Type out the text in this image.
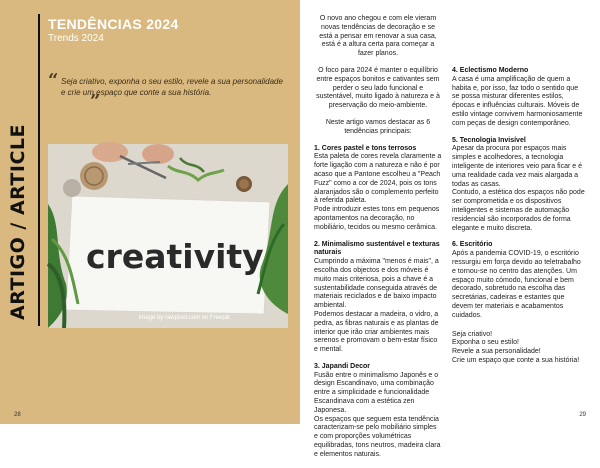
ARTIGO / ARTICLE
TENDÊNCIAS 2024
Trends 2024
“ Seja criativo, exponha o seu estilo, revele a sua personalidade e crie um espaço que conte a sua história.
”
creativity
Image by rawpixel.com on Freepik
28

O novo ano chegou e com ele vieram novas tendências de decoração e se está a pensar em renovar a sua casa, está é a altura certa para começar a fazer planos.

O foco para 2024 é manter o equilíbrio entre espaços bonitos e cativantes sem perder o seu lado funcional e sustentável, muito ligado à natureza e à preservação do meio-ambiente.

Neste artigo vamos destacar as 6 tendências principais:

1. Cores pastel e tons terrosos

Esta paleta de cores revela claramente a forte ligação com a natureza e não é por acaso que a Pantone escolheu a "Peach Fuzz" como a cor de 2024, pois os tons alaranjados são o complemento perfeito à referida paleta.
Pode introduzir estes tons em pequenos apontamentos na decoração, no mobiliário, tecidos ou mesmo cerâmica.

2. Minimalismo sustentável e texturas naturais

Cumprindo a máxima "menos é mais", a escolha dos objectos e dos móveis é muito mais criteriosa, pois a chave é a sustentabilidade conseguida através de materiais reciclados e de baixo impacto ambiental.
Podemos destacar a madeira, o vidro, a pedra, as fibras naturais e as plantas de interior que irão criar ambientes mais serenos e promovam o bem-estar físico e mental.

3. Japandi Decor

Fusão entre o minimalismo Japonês e o design Escandinavo, uma combinação entre a simplicidade e funcionalidade Escandinava com a estética zen Japonesa.
Os espaços que seguem esta tendência caracterizam-se pelo mobiliário simples e com proporções volumétricas equilibradas, tons neutros, madeira clara e elementos naturais.

4. Eclectismo Moderno

A casa é uma amplificação de quem a habita e, por isso, faz todo o sentido que se possa misturar diferentes estilos, épocas e influências culturais. Móveis de estilo vintage convivem harmoniosamente com peças de design contemporâneo.

5. Tecnologia Invisível

Apesar da procura por espaços mais simples e acolhedores, a tecnologia inteligente de interiores veio para ficar e é uma realidade cada vez mais alargada a todas as casas.
Contudo, a estética dos espaços não pode ser comprometida e os dispositivos inteligentes e sistemas de automação residencial são incorporados de forma elegante e muito discreta.

6. Escritório

Após a pandemia COVID-19, o escritório ressurgiu em força devido ao teletrabalho e tornou-se no centro das atenções. Um espaço muito cómodo, funcional e bem decorado, sobretudo na escolha das secretárias, cadeiras e estantes que devem ter materiais e acabamentos cuidados.

Seja criativo!
Exponha o seu estilo!
Revele a sua personalidade!
Crie um espaço que conte a sua história!
29
